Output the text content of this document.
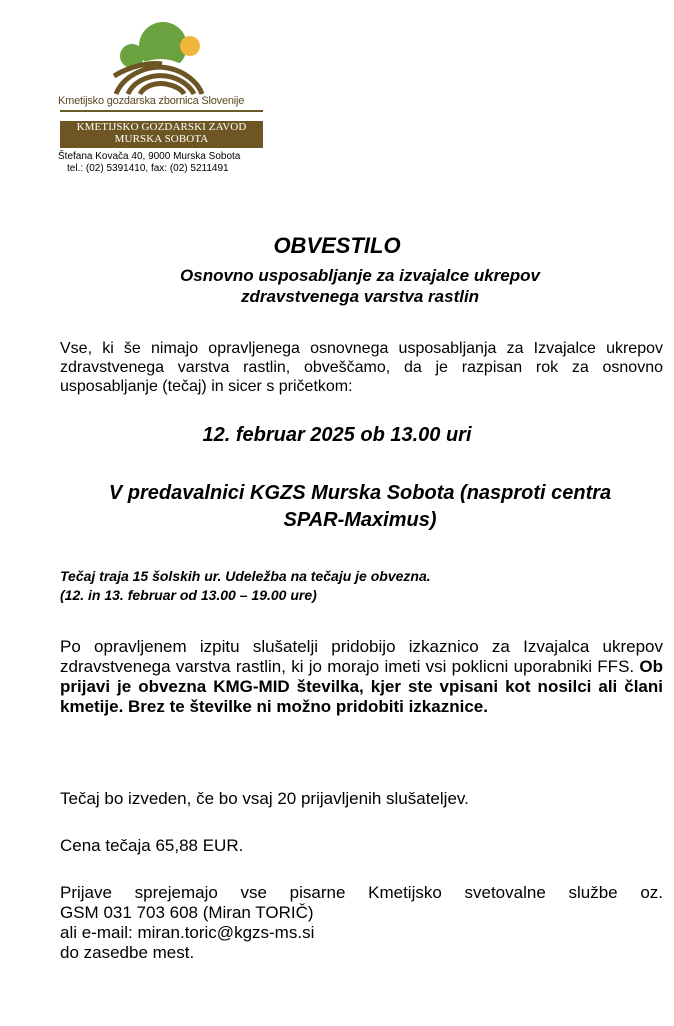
Kmetijsko gozdarska zbornica Slovenije
KMETIJSKO GOZDARSKI ZAVOD
MURSKA SOBOTA
Štefana Kovača 40, 9000 Murska Sobota
tel.: (02) 5391410, fax: (02) 5211491
OBVESTILO
Osnovno usposabljanje za izvajalce ukrepov
zdravstvenega varstva rastlin
Vse, ki še nimajo opravljenega osnovnega usposabljanja za Izvajalce ukrepov zdravstvenega varstva rastlin, obveščamo, da je razpisan rok za osnovno usposabljanje (tečaj) in sicer s pričetkom:
12. februar 2025 ob 13.00 uri
V predavalnici KGZS Murska Sobota (nasproti centra
SPAR-Maximus)
Tečaj traja 15 šolskih ur. Udeležba na tečaju je obvezna.
(12. in 13. februar od 13.00 – 19.00 ure)
Po opravljenem izpitu slušatelji pridobijo izkaznico za Izvajalca ukrepov zdravstvenega varstva rastlin, ki jo morajo imeti vsi poklicni uporabniki FFS. Ob prijavi je obvezna KMG-MID številka, kjer ste vpisani kot nosilci ali člani kmetije. Brez te številke ni možno pridobiti izkaznice.
Tečaj bo izveden, če bo vsaj 20 prijavljenih slušateljev.
Cena tečaja 65,88 EUR.
Prijave sprejemajo vse pisarne Kmetijsko svetovalne službe oz.
GSM 031 703 608 (Miran TORIČ)
ali e-mail: miran.toric@kgzs-ms.si
do zasedbe mest.
